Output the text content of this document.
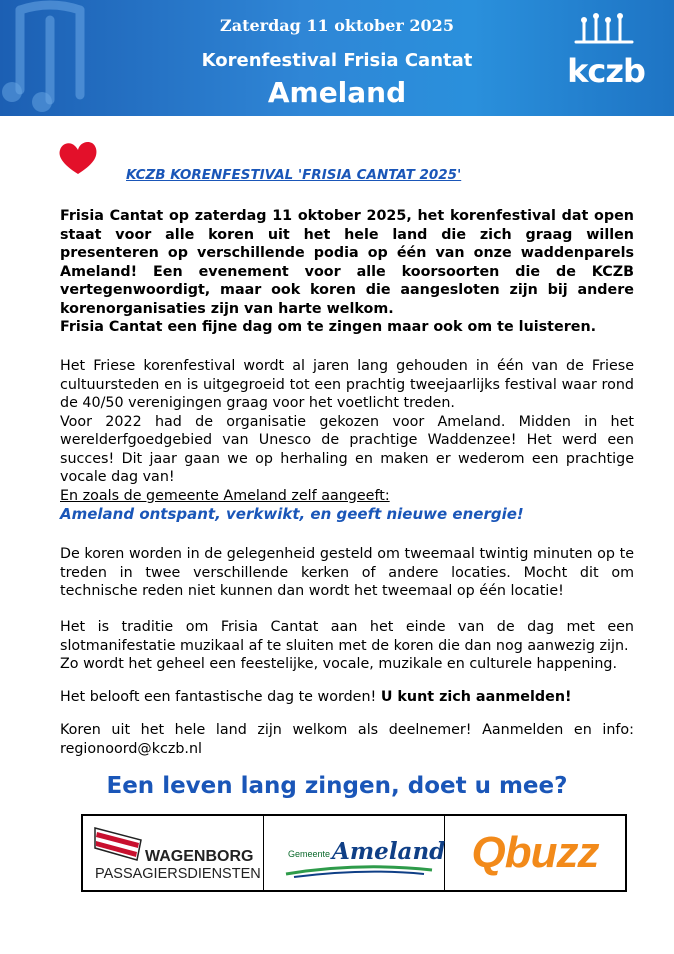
Zaterdag 11 oktober 2025
Korenfestival Frisia Cantat
Ameland
kczb
KCZB KORENFESTIVAL 'FRISIA CANTAT 2025'
Frisia Cantat op zaterdag 11 oktober 2025, het korenfestival dat open staat voor alle koren uit het hele land die zich graag willen presenteren op verschillende podia op één van onze waddenparels Ameland! Een evenement voor alle koorsoorten die de KCZB vertegenwoordigt, maar ook koren die aangesloten zijn bij andere korenorganisaties zijn van harte welkom.
Frisia Cantat een fijne dag om te zingen maar ook om te luisteren.
Het Friese korenfestival wordt al jaren lang gehouden in één van de Friese cultuursteden en is uitgegroeid tot een prachtig tweejaarlijks festival waar rond de 40/50 verenigingen graag voor het voetlicht treden.
Voor 2022 had de organisatie gekozen voor Ameland. Midden in het werelderfgoedgebied van Unesco de prachtige Waddenzee! Het werd een succes! Dit jaar gaan we op herhaling en maken er wederom een prachtige vocale dag van!
En zoals de gemeente Ameland zelf aangeeft:
Ameland ontspant, verkwikt, en geeft nieuwe energie!
De koren worden in de gelegenheid gesteld om tweemaal twintig minuten op te treden in twee verschillende kerken of andere locaties. Mocht dit om technische reden niet kunnen dan wordt het tweemaal op één locatie!
Het is traditie om Frisia Cantat aan het einde van de dag met een slotmanifestatie muzikaal af te sluiten met de koren die dan nog aanwezig zijn.
Zo wordt het geheel een feestelijke, vocale, muzikale en culturele happening.
Het belooft een fantastische dag te worden! U kunt zich aanmelden!
Koren uit het hele land zijn welkom als deelnemer! Aanmelden en info: regionoord@kczb.nl
Een leven lang zingen, doet u mee?
WAGENBORG
PASSAGIERSDIENSTEN
Gemeente Ameland Qbuzz
